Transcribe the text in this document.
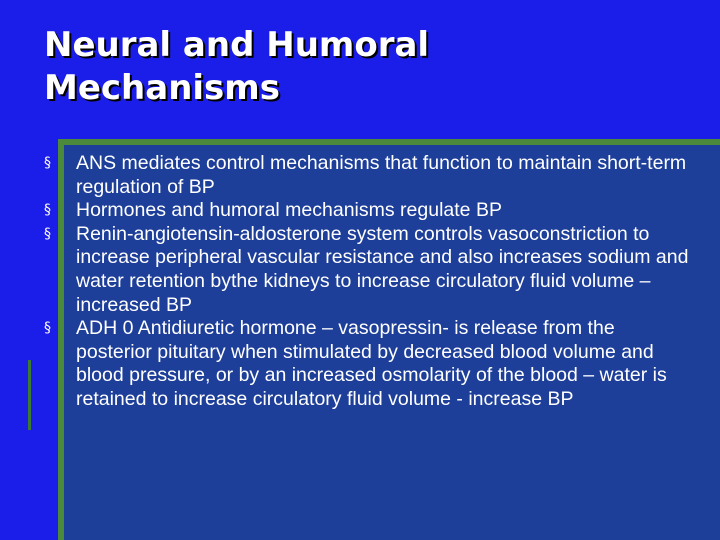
Neural and Humoral
Mechanisms
§	ANS mediates control mechanisms that function to maintain short-term regulation of BP
§	Hormones and humoral mechanisms regulate BP
§	Renin-angiotensin-aldosterone system controls vasoconstriction to increase peripheral vascular resistance and also increases sodium and water retention bythe kidneys to increase circulatory fluid volume – increased BP
§	ADH 0 Antidiuretic hormone – vasopressin- is release from the posterior pituitary when stimulated by decreased blood volume and blood pressure, or by an increased osmolarity of the blood – water is retained to increase circulatory fluid volume - increase BP
